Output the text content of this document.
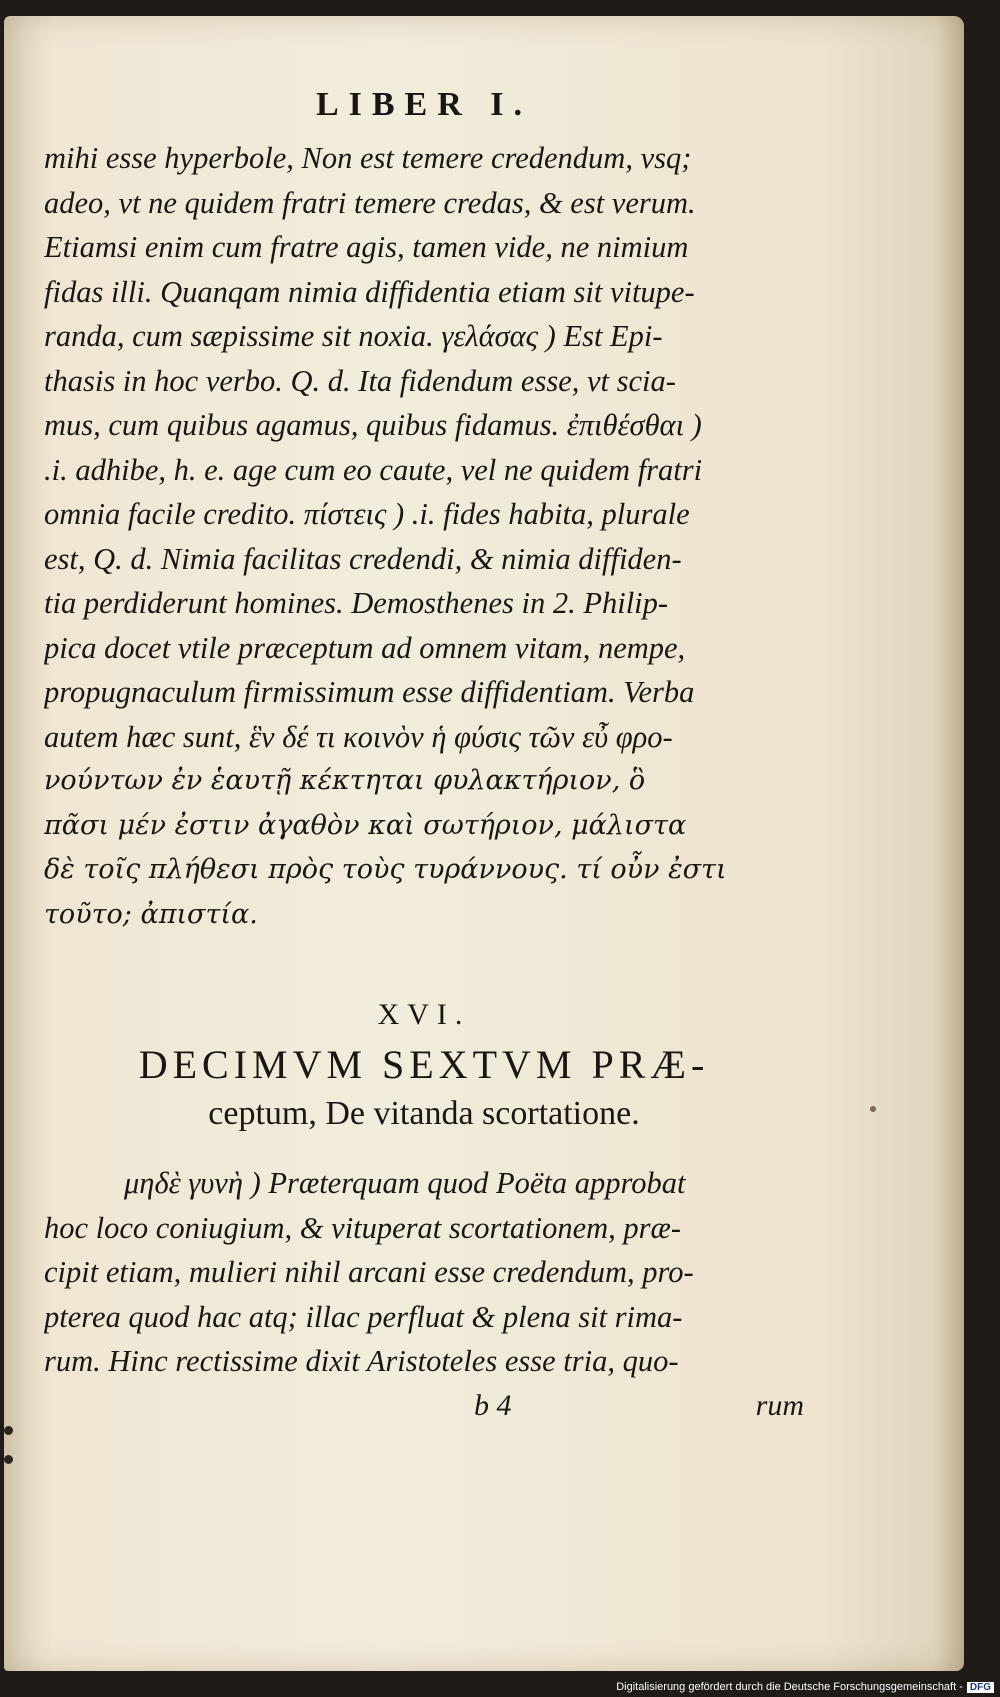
LIBER I.
mihi esse hyperbole, Non est temere credendum, vsq;
adeo, vt ne quidem fratri temere credas, & est verum.
Etiamsi enim cum fratre agis, tamen vide, ne nimium
fidas illi. Quanqam nimia diffidentia etiam sit vitupe-
randa, cum sæpissime sit noxia. γελάσας ) Est Epi-
thasis in hoc verbo. Q. d. Ita fidendum esse, vt scia-
mus, cum quibus agamus, quibus fidamus. ἐπιθέσθαι )
.i. adhibe, h. e. age cum eo caute, vel ne quidem fratri
omnia facile credito. πίστεις ) .i. fides habita, plurale
est, Q. d. Nimia facilitas credendi, & nimia diffiden-
tia perdiderunt homines. Demosthenes in 2. Philip-
pica docet vtile præceptum ad omnem vitam, nempe,
propugnaculum firmissimum esse diffidentiam. Verba
autem hæc sunt, ἓν δέ τι κοινὸν ἡ φύσις τῶν εὖ φρο-
νούντων ἐν ἑαυτῇ κέκτηται φυλακτήριον, ὃ
πᾶσι μέν ἐστιν ἀγαθὸν καὶ σωτήριον, μάλιστα
δὲ τοῖς πλήθεσι πρὸς τοὺς τυράννους. τί οὖν ἐστι
τοῦτο; ἀπιστία.
XVI.
DECIMVM SEXTVM PRÆ-
ceptum, De vitanda scortatione.
μηδὲ γυνὴ ) Præterquam quod Poëta approbat
hoc loco coniugium, & vituperat scortationem, præ-
cipit etiam, mulieri nihil arcani esse credendum, pro-
pterea quod hac atq; illac perfluat & plena sit rima-
rum. Hinc rectissime dixit Aristoteles esse tria, quo-
b 4	rum
Digitalisierung gefördert durch die Deutsche Forschungsgemeinschaft - DFG
